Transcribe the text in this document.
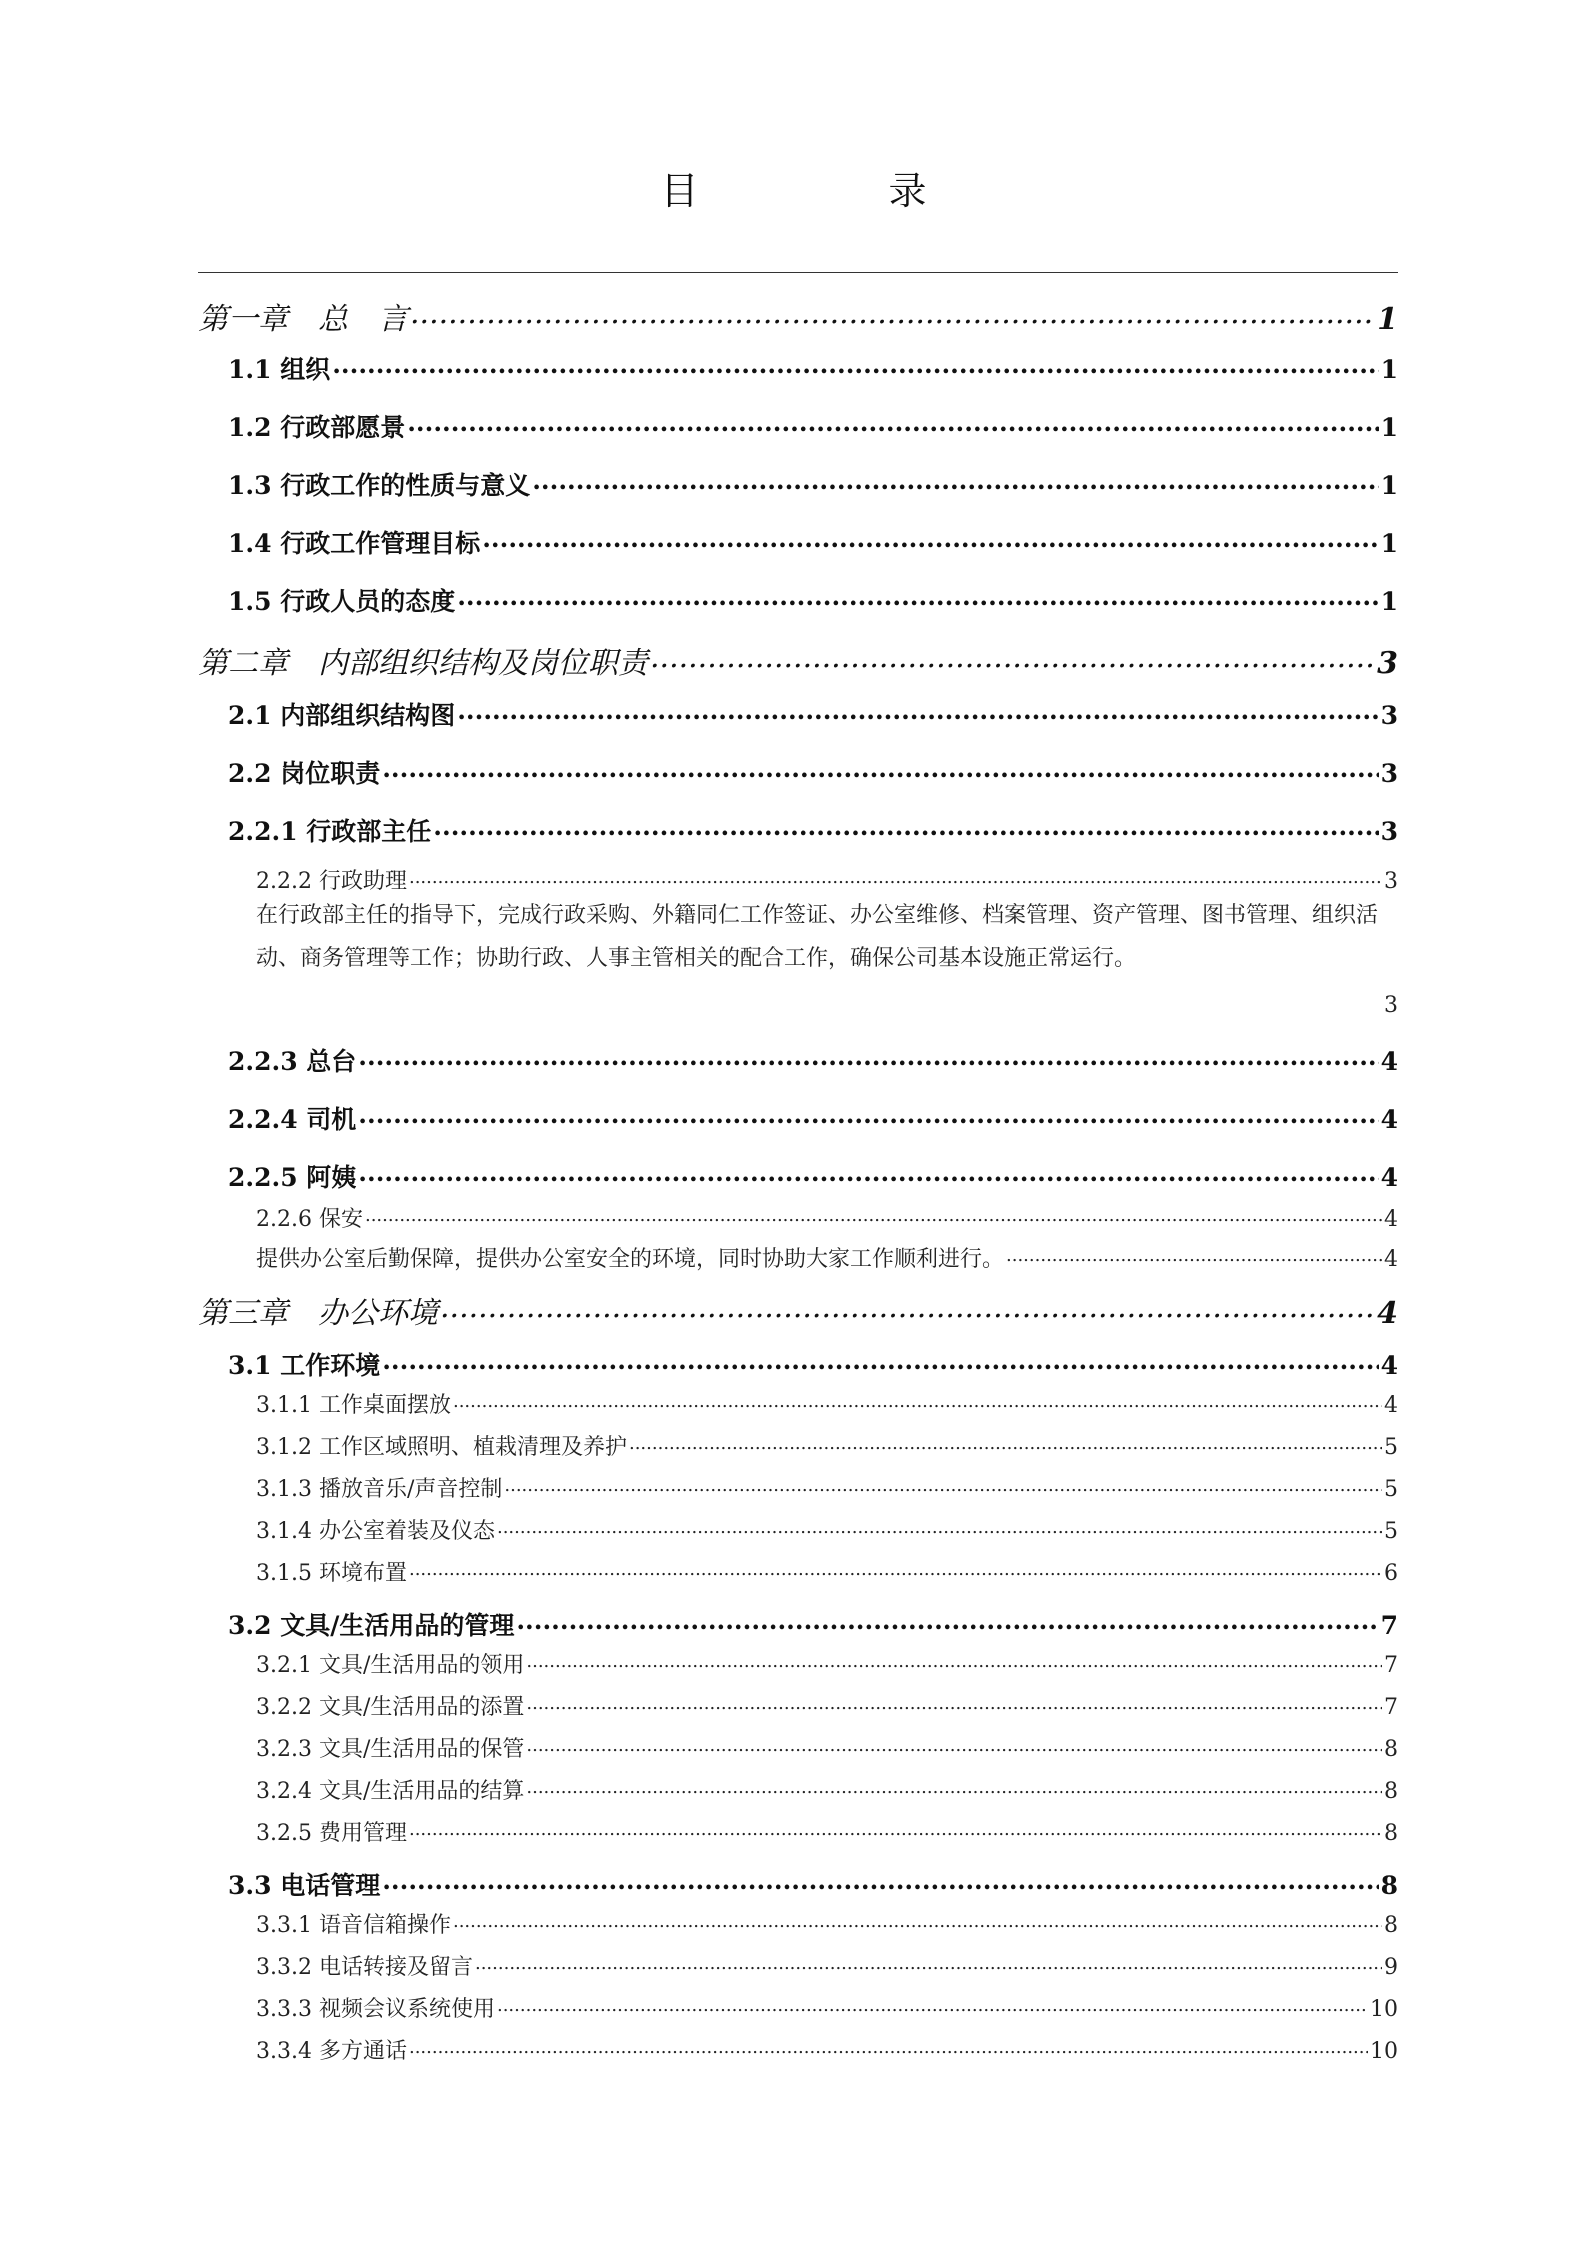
目　录
第一章　总　言 .....	1
1.1 组织 .....	1
1.2 行政部愿景 .....	1
1.3 行政工作的性质与意义 .....	1
1.4 行政工作管理目标 .....	1
1.5 行政人员的态度 .....	1
第二章　内部组织结构及岗位职责 .....	3
2.1 内部组织结构图 .....	3
2.2 岗位职责 .....	3
2.2.1 行政部主任 .....	3
2.2.2 行政助理 .....	3
在行政部主任的指导下，完成行政采购、外籍同仁工作签证、办公室维修、档案管理、资产管理、图书管理、组织活动、商务管理等工作；协助行政、人事主管相关的配合工作，确保公司基本设施正常运行。
3
2.2.3 总台 .....	4
2.2.4 司机 .....	4
2.2.5 阿姨 .....	4
2.2.6 保安 .....	4
提供办公室后勤保障，提供办公室安全的环境，同时协助大家工作顺利进行。 .....	4
第三章　办公环境 .....	4
3.1 工作环境 .....	4
3.1.1 工作桌面摆放 .....	4
3.1.2 工作区域照明、植栽清理及养护 .....	5
3.1.3 播放音乐/声音控制 .....	5
3.1.4 办公室着装及仪态 .....	5
3.1.5 环境布置 .....	6
3.2 文具/生活用品的管理 .....	7
3.2.1 文具/生活用品的领用 .....	7
3.2.2 文具/生活用品的添置 .....	7
3.2.3 文具/生活用品的保管 .....	8
3.2.4 文具/生活用品的结算 .....	8
3.2.5 费用管理 .....	8
3.3 电话管理 .....	8
3.3.1 语音信箱操作 .....	8
3.3.2 电话转接及留言 .....	9
3.3.3 视频会议系统使用 .....	10
3.3.4 多方通话 .....	10
